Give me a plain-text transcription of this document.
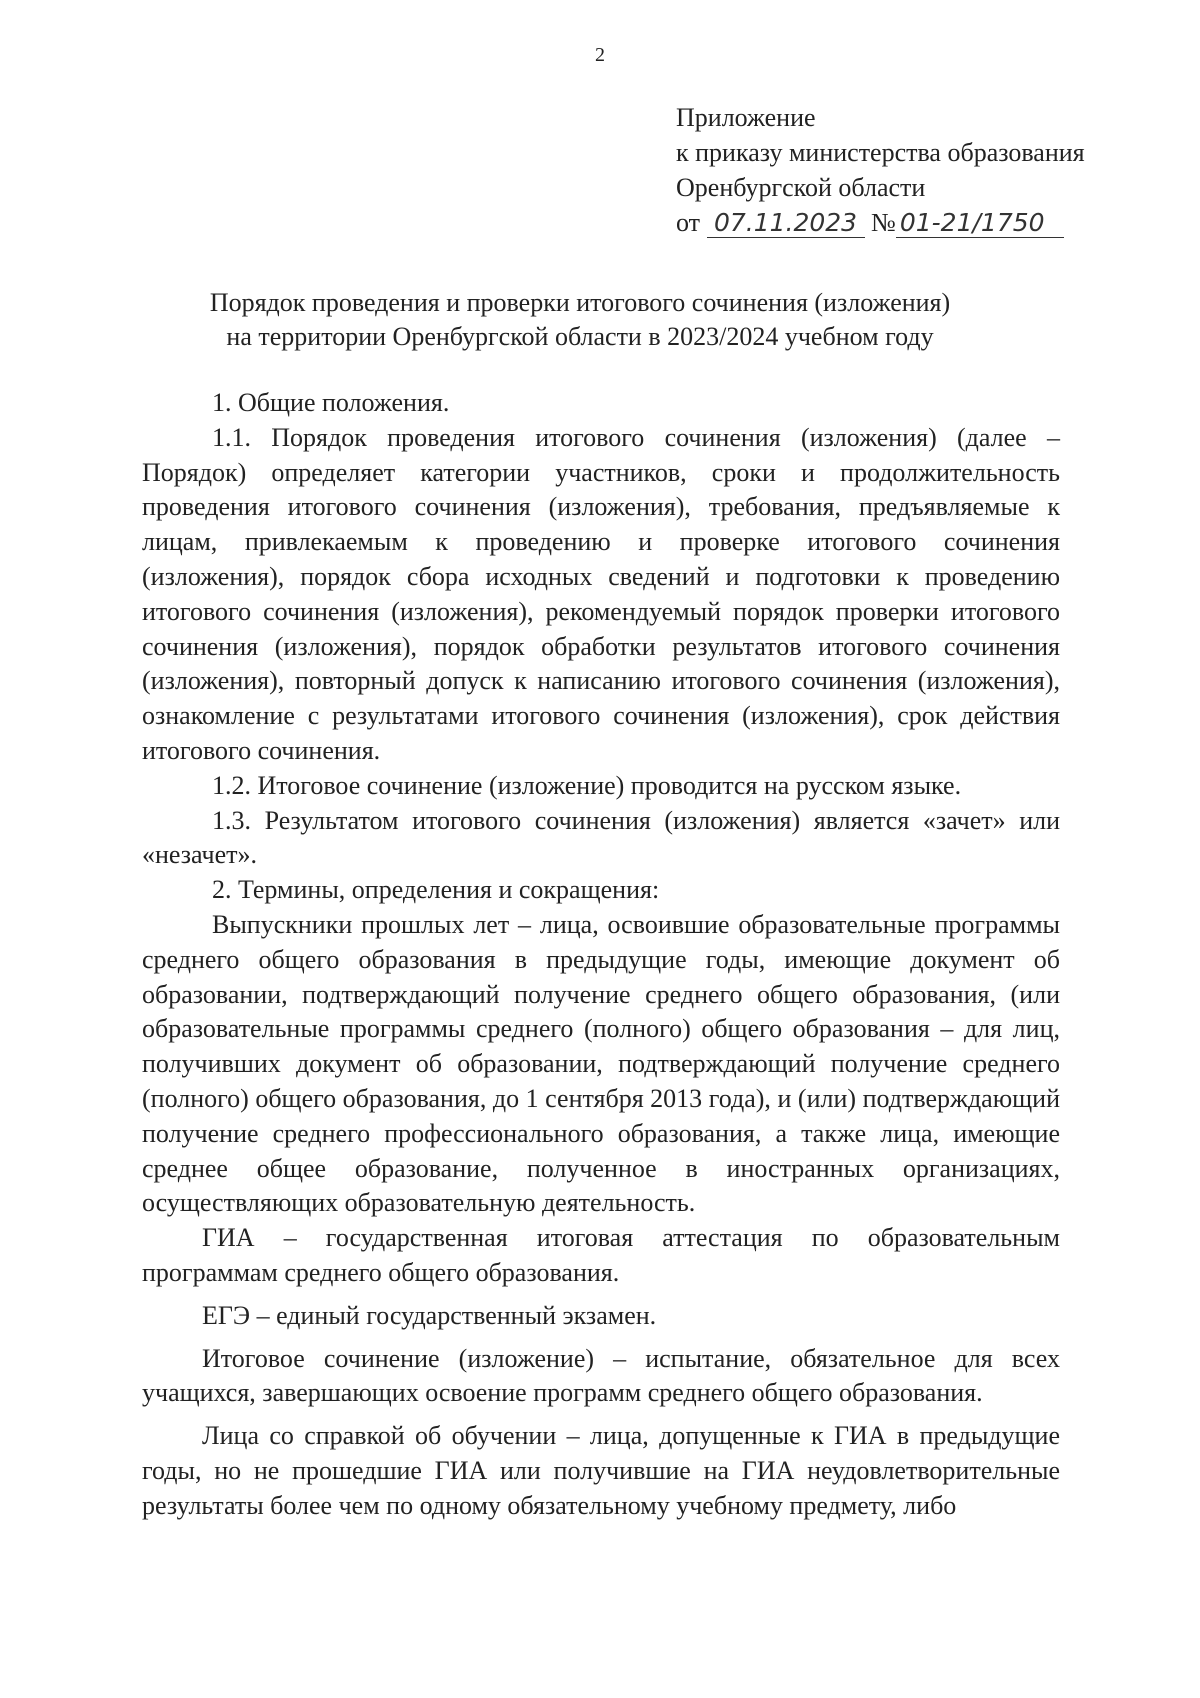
2
Приложение
к приказу министерства образования
Оренбургской области
от 07.11.2023 № 01-21/1750
Порядок проведения и проверки итогового сочинения (изложения)
на территории Оренбургской области в 2023/2024 учебном году

1. Общие положения.

1.1. Порядок проведения итогового сочинения (изложения) (далее – Порядок) определяет категории участников, сроки и продолжительность проведения итогового сочинения (изложения), требования, предъявляемые к лицам, привлекаемым к проведению и проверке итогового сочинения (изложения), порядок сбора исходных сведений и подготовки к проведению итогового сочинения (изложения), рекомендуемый порядок проверки итогового сочинения (изложения), порядок обработки результатов итогового сочинения (изложения), повторный допуск к написанию итогового сочинения (изложения), ознакомление с результатами итогового сочинения (изложения), срок действия итогового сочинения.

1.2. Итоговое сочинение (изложение) проводится на русском языке.

1.3. Результатом итогового сочинения (изложения) является «зачет» или «незачет».

2. Термины, определения и сокращения:

Выпускники прошлых лет – лица, освоившие образовательные программы среднего общего образования в предыдущие годы, имеющие документ об образовании, подтверждающий получение среднего общего образования, (или образовательные программы среднего (полного) общего образования – для лиц, получивших документ об образовании, подтверждающий получение среднего (полного) общего образования, до 1 сентября 2013 года), и (или) подтверждающий получение среднего профессионального образования, а также лица, имеющие среднее общее образование, полученное в иностранных организациях, осуществляющих образовательную деятельность.

ГИА – государственная итоговая аттестация по образовательным программам среднего общего образования.

ЕГЭ – единый государственный экзамен.

Итоговое сочинение (изложение) – испытание, обязательное для всех учащихся, завершающих освоение программ среднего общего образования.

Лица со справкой об обучении – лица, допущенные к ГИА в предыдущие годы, но не прошедшие ГИА или получившие на ГИА неудовлетворительные результаты более чем по одному обязательному учебному предмету, либо
